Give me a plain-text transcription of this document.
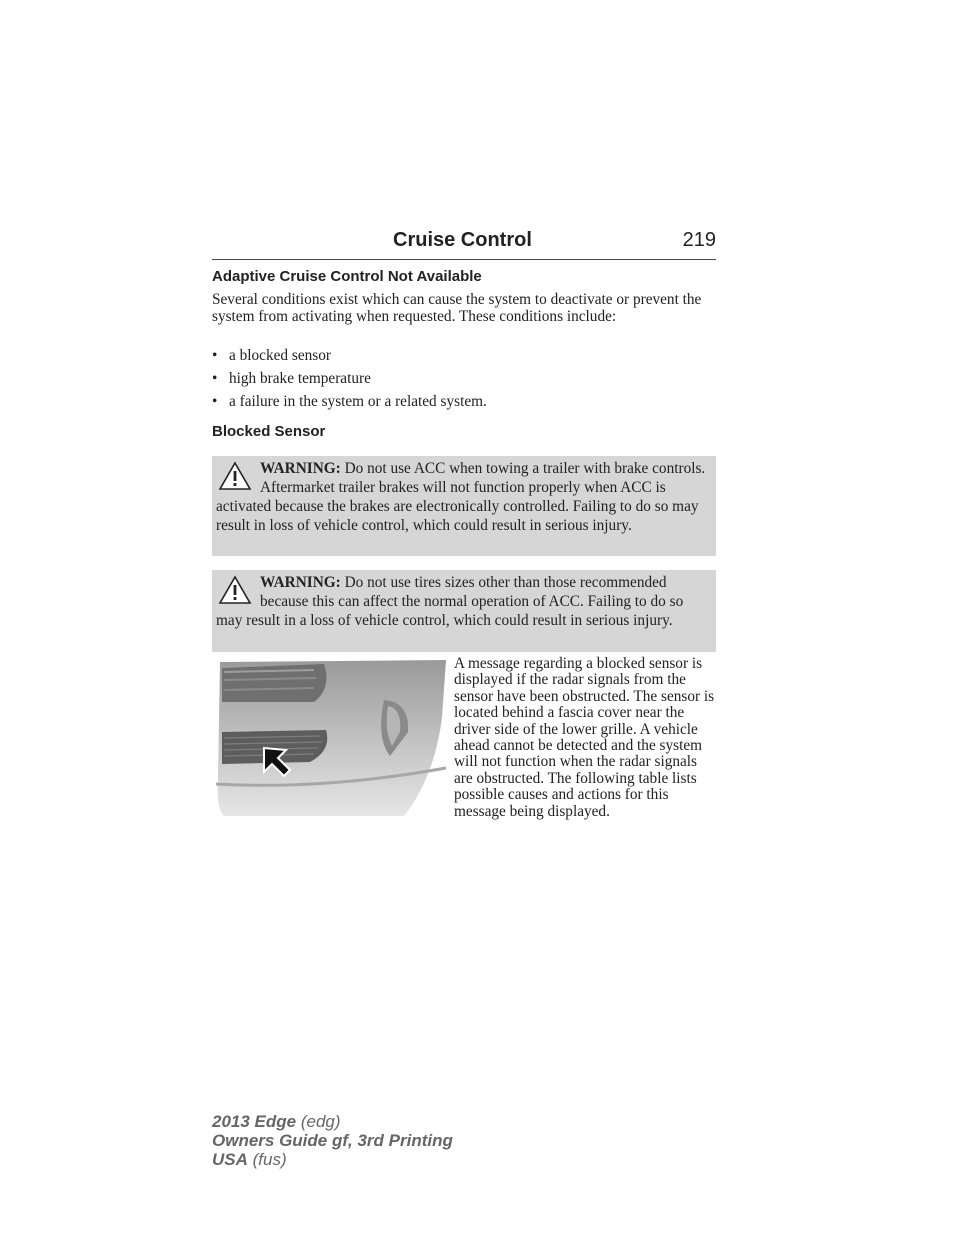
Cruise Control	219
Adaptive Cruise Control Not Available
Several conditions exist which can cause the system to deactivate or prevent the system from activating when requested. These conditions include:
• a blocked sensor
• high brake temperature
• a failure in the system or a related system.
Blocked Sensor
WARNING: Do not use ACC when towing a trailer with brake controls. Aftermarket trailer brakes will not function properly when ACC is activated because the brakes are electronically controlled. Failing to do so may result in loss of vehicle control, which could result in serious injury.
WARNING: Do not use tires sizes other than those recommended because this can affect the normal operation of ACC. Failing to do so may result in a loss of vehicle control, which could result in serious injury.
A message regarding a blocked sensor is displayed if the radar signals from the sensor have been obstructed. The sensor is located behind a fascia cover near the driver side of the lower grille. A vehicle ahead cannot be detected and the system will not function when the radar signals are obstructed. The following table lists possible causes and actions for this message being displayed.
2013 Edge (edg)
Owners Guide gf, 3rd Printing
USA (fus)
